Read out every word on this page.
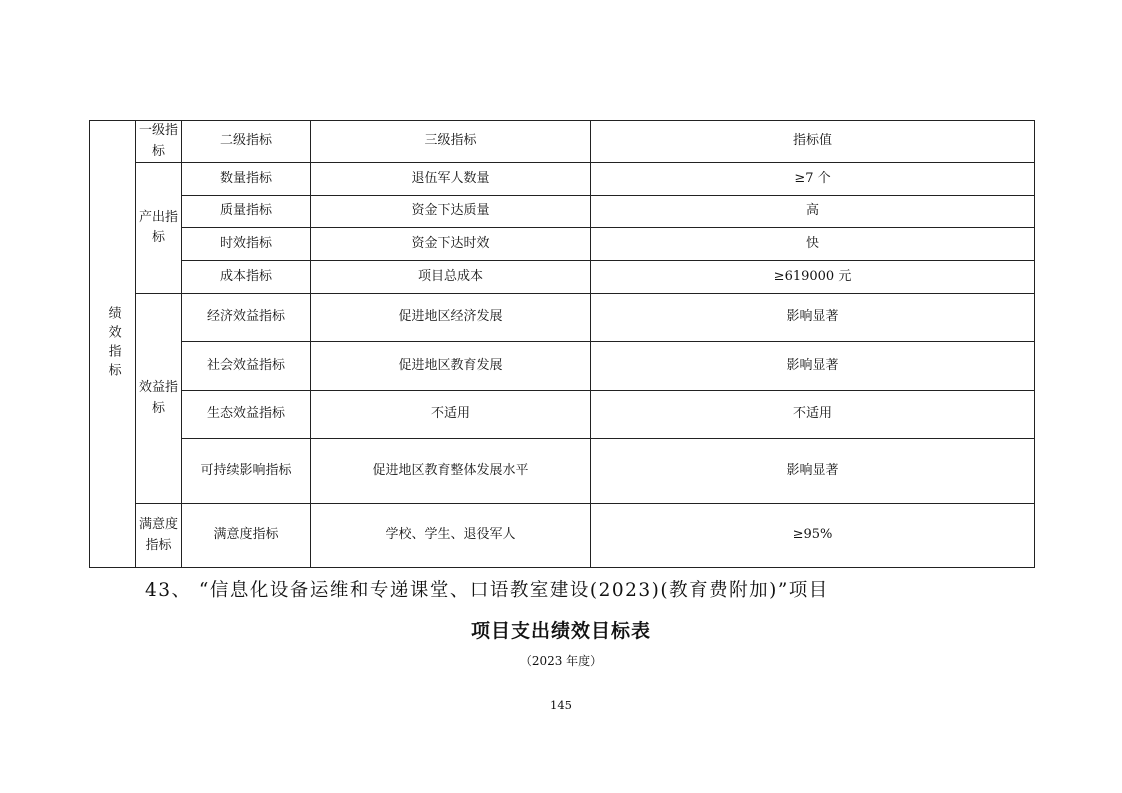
绩效指标	一级指标	二级指标	三级指标	指标值
	产出指标	数量指标	退伍军人数量	≥7 个
		质量指标	资金下达质量	高
		时效指标	资金下达时效	快
		成本指标	项目总成本	≥619000 元
	效益指标	经济效益指标	促进地区经济发展	影响显著
		社会效益指标	促进地区教育发展	影响显著
		生态效益指标	不适用	不适用
		可持续影响指标	促进地区教育整体发展水平	影响显著
	满意度指标	满意度指标	学校、学生、退役军人	≥95%
43、 “信息化设备运维和专递课堂、口语教室建设(2023)(教育费附加)”项目
项目支出绩效目标表
（2023 年度）
145
